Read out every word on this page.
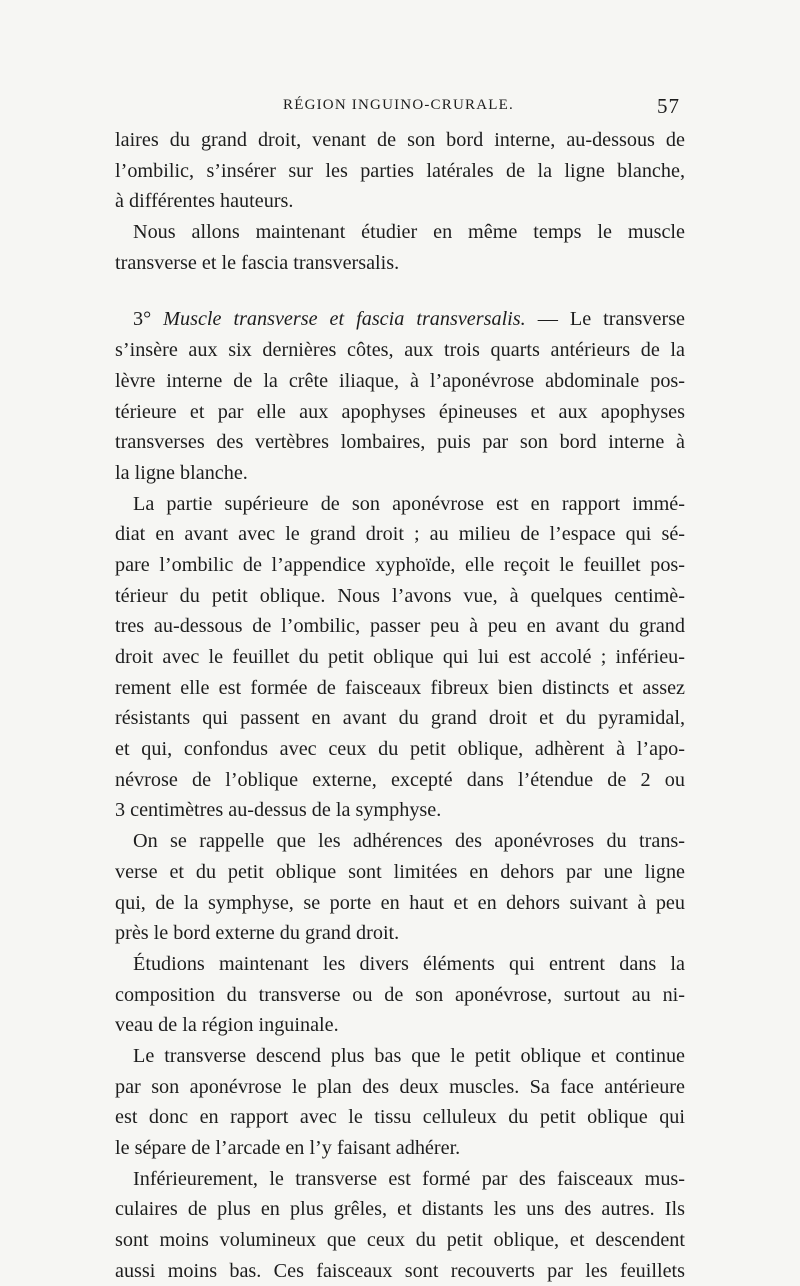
RÉGION INGUINO-CRURALE.	57
laires du grand droit, venant de son bord interne, au-dessous de
l’ombilic, s’insérer sur les parties latérales de la ligne blanche,
à différentes hauteurs.
Nous allons maintenant étudier en même temps le muscle
transverse et le fascia transversalis.
3° Muscle transverse et fascia transversalis. — Le transverse
s’insère aux six dernières côtes, aux trois quarts antérieurs de la
lèvre interne de la crête iliaque, à l’aponévrose abdominale pos-
térieure et par elle aux apophyses épineuses et aux apophyses
transverses des vertèbres lombaires, puis par son bord interne à
la ligne blanche.
La partie supérieure de son aponévrose est en rapport immé-
diat en avant avec le grand droit ; au milieu de l’espace qui sé-
pare l’ombilic de l’appendice xyphoïde, elle reçoit le feuillet pos-
térieur du petit oblique. Nous l’avons vue, à quelques centimè-
tres au-dessous de l’ombilic, passer peu à peu en avant du grand
droit avec le feuillet du petit oblique qui lui est accolé ; inférieu-
rement elle est formée de faisceaux fibreux bien distincts et assez
résistants qui passent en avant du grand droit et du pyramidal,
et qui, confondus avec ceux du petit oblique, adhèrent à l’apo-
névrose de l’oblique externe, excepté dans l’étendue de 2 ou
3 centimètres au-dessus de la symphyse.
On se rappelle que les adhérences des aponévroses du trans-
verse et du petit oblique sont limitées en dehors par une ligne
qui, de la symphyse, se porte en haut et en dehors suivant à peu
près le bord externe du grand droit.
Étudions maintenant les divers éléments qui entrent dans la
composition du transverse ou de son aponévrose, surtout au ni-
veau de la région inguinale.
Le transverse descend plus bas que le petit oblique et continue
par son aponévrose le plan des deux muscles. Sa face antérieure
est donc en rapport avec le tissu celluleux du petit oblique qui
le sépare de l’arcade en l’y faisant adhérer.
Inférieurement, le transverse est formé par des faisceaux mus-
culaires de plus en plus grêles, et distants les uns des autres. Ils
sont moins volumineux que ceux du petit oblique, et descendent
aussi moins bas. Ces faisceaux sont recouverts par les feuillets
